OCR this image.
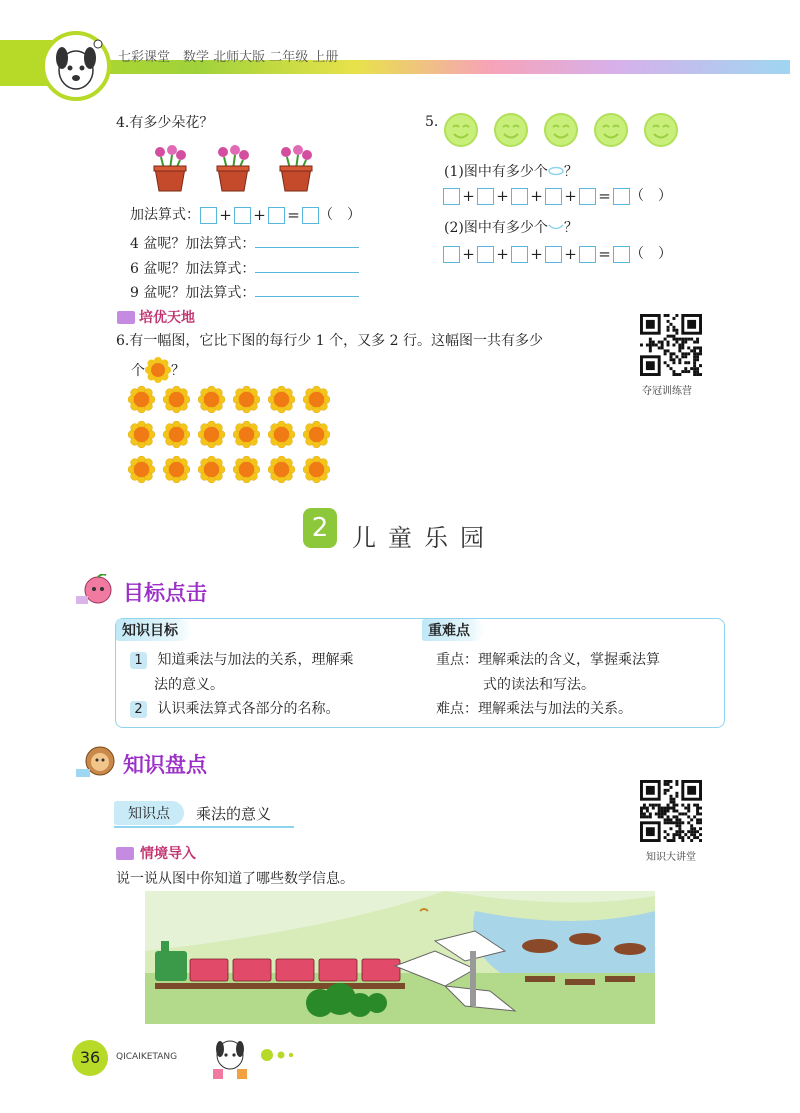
七彩课堂　数学 北师大版 二年级 上册
4.有多少朵花？

加法算式： + + = （　）
4 盆呢？加法算式：
6 盆呢？加法算式：
9 盆呢？加法算式：
5.
(1)图中有多少个 ？
+ + + + = （　）
(2)图中有多少个 ？
+ + + + = （　）
培优天地
6.有一幅图，它比下图的每行少 1 个，又多 2 行。这幅图一共有多少
个 ？
夺冠训练营
2 儿童乐园
目标点击
知识目标	重难点
1 知道乘法与加法的关系，理解乘
法的意义。
2 认识乘法算式各部分的名称。
重点：理解乘法的含义，掌握乘法算
式的读法和写法。
难点：理解乘法与加法的关系。
知识盘点
知识点	乘法的意义
情境导入
说一说从图中你知道了哪些数学信息。
知识大讲堂
36	QICAIKETANG
